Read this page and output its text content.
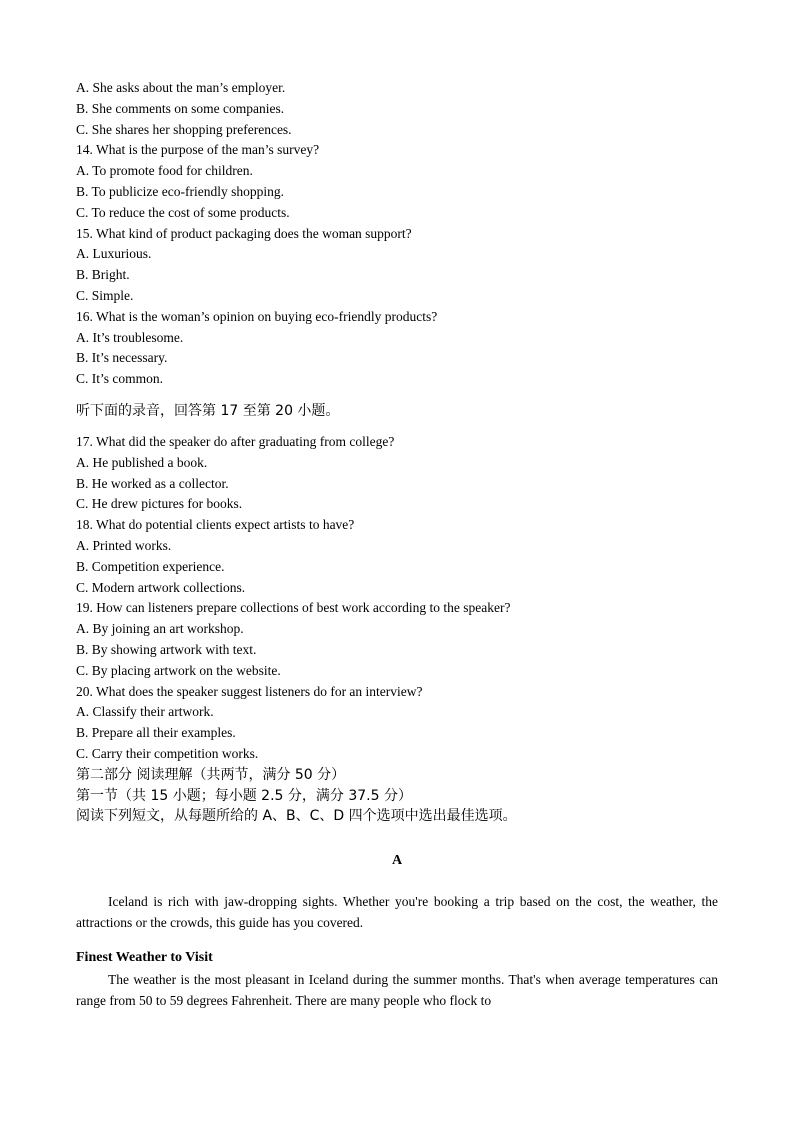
A. She asks about the man’s employer.
B. She comments on some companies.
C. She shares her shopping preferences.
14. What is the purpose of the man’s survey?
A. To promote food for children.
B. To publicize eco-friendly shopping.
C. To reduce the cost of some products.
15. What kind of product packaging does the woman support?
A. Luxurious.
B. Bright.
C. Simple.
16. What is the woman’s opinion on buying eco-friendly products?
A. It’s troublesome.
B. It’s necessary.
C. It’s common.
听下面的录音，回答第 17 至第 20 小题。
17. What did the speaker do after graduating from college?
A. He published a book.
B. He worked as a collector.
C. He drew pictures for books.
18. What do potential clients expect artists to have?
A. Printed works.
B. Competition experience.
C. Modern artwork collections.
19. How can listeners prepare collections of best work according to the speaker?
A. By joining an art workshop.
B. By showing artwork with text.
C. By placing artwork on the website.
20. What does the speaker suggest listeners do for an interview?
A. Classify their artwork.
B. Prepare all their examples.
C. Carry their competition works.
第二部分 阅读理解（共两节，满分 50 分）
第一节（共 15 小题；每小题 2.5 分，满分 37.5 分）
阅读下列短文，从每题所给的 A、B、C、D 四个选项中选出最佳选项。
A
Iceland is rich with jaw-dropping sights. Whether you're booking a trip based on the cost, the weather, the attractions or the crowds, this guide has you covered.
Finest Weather to Visit
The weather is the most pleasant in Iceland during the summer months. That's when average temperatures can range from 50 to 59 degrees Fahrenheit. There are many people who flock to
